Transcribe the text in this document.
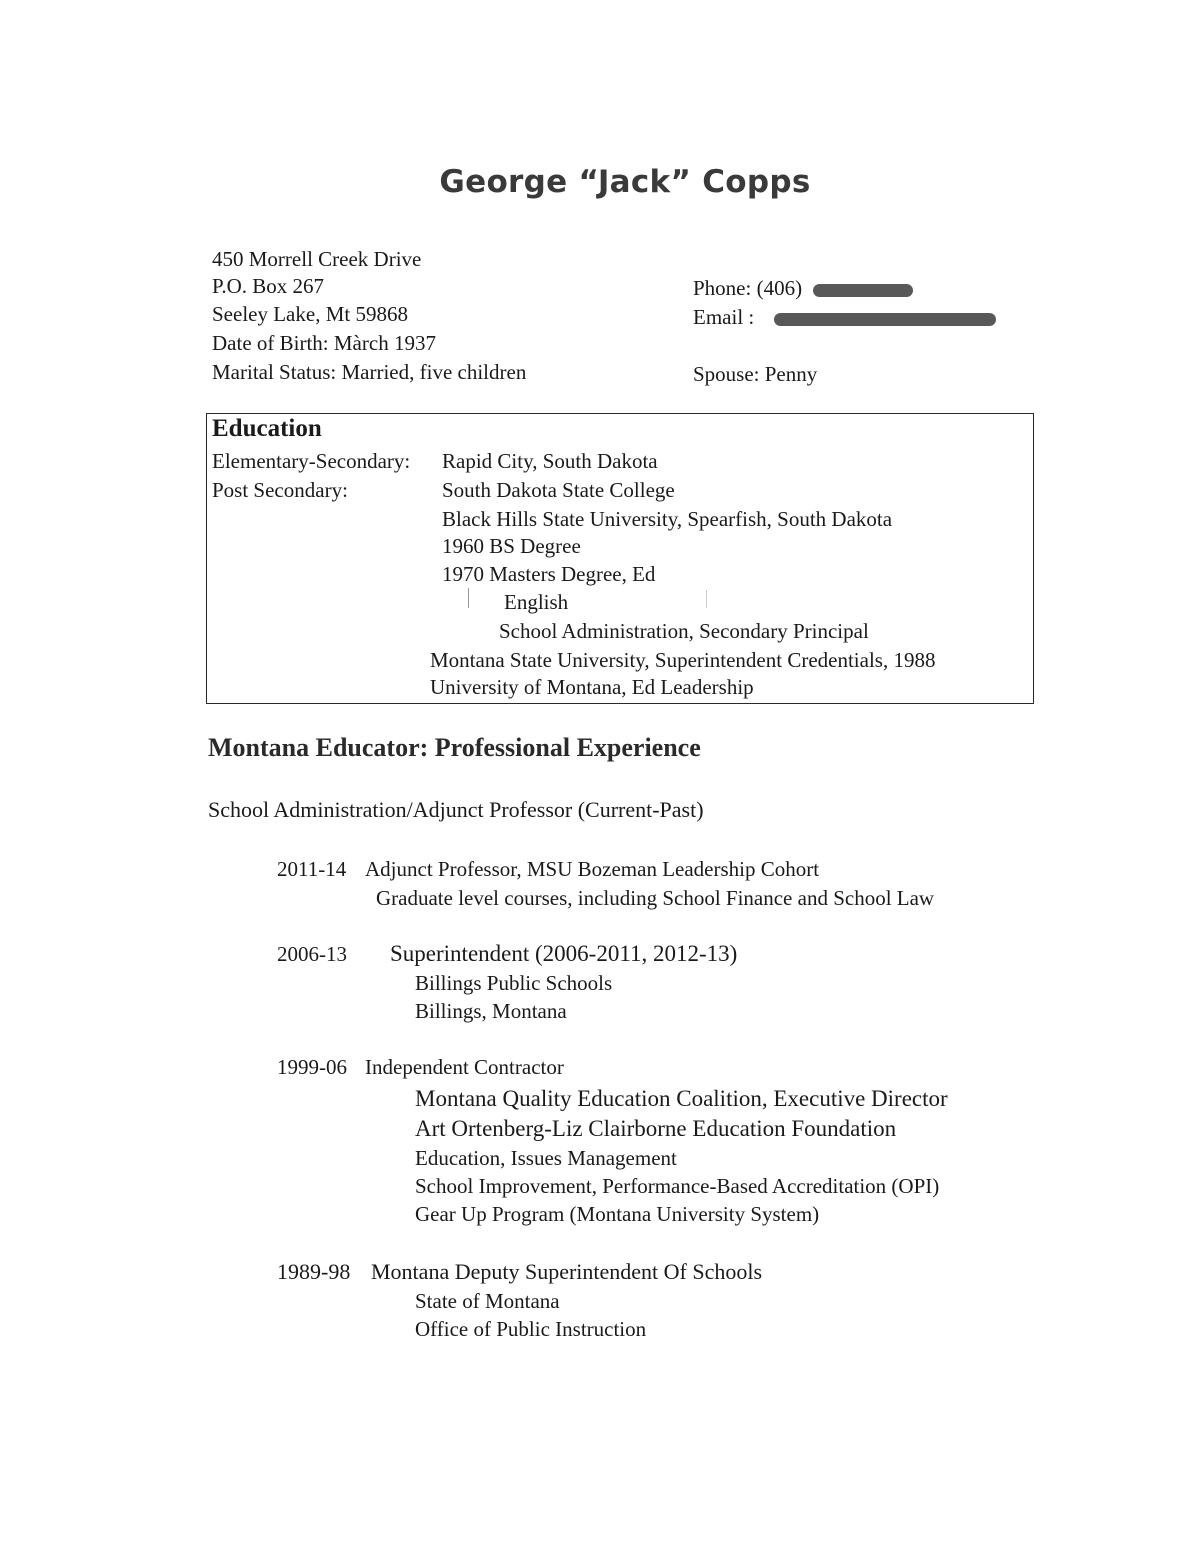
George “Jack” Copps
450 Morrell Creek Drive
P.O. Box 267
Seeley Lake, Mt 59868
Date of Birth: Màrch 1937
Marital Status: Married, five children
Phone: (406)
Email :
Spouse: Penny
Education
Elementary-Secondary: Rapid City, South Dakota
Post Secondary:	South Dakota State College
Black Hills State University, Spearfish, South Dakota
1960 BS Degree
1970 Masters Degree, Ed
English
School Administration, Secondary Principal
Montana State University, Superintendent Credentials, 1988
University of Montana, Ed Leadership
Montana Educator: Professional Experience
School Administration/Adjunct Professor (Current-Past)
2011-14 Adjunct Professor, MSU Bozeman Leadership Cohort
Graduate level courses, including School Finance and School Law
2006-13 Superintendent (2006-2011, 2012-13)
Billings Public Schools
Billings, Montana
1999-06 Independent Contractor
Montana Quality Education Coalition, Executive Director
Art Ortenberg-Liz Clairborne Education Foundation
Education, Issues Management
School Improvement, Performance-Based Accreditation (OPI)
Gear Up Program (Montana University System)
1989-98 Montana Deputy Superintendent Of Schools
State of Montana
Office of Public Instruction
